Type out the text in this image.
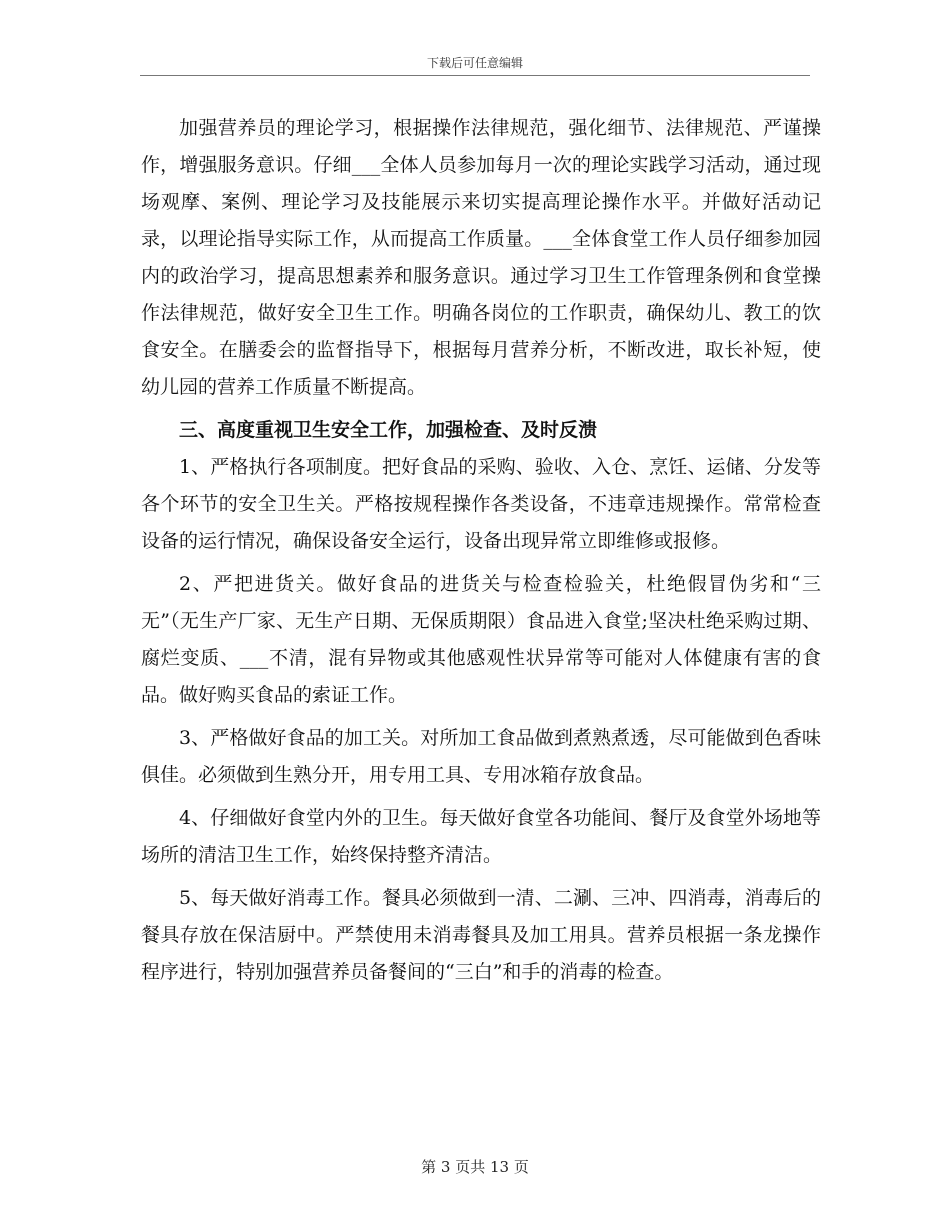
下载后可任意编辑

加强营养员的理论学习，根据操作法律规范，强化细节、法律规范、严谨操作，增强服务意识。仔细___全体人员参加每月一次的理论实践学习活动，通过现场观摩、案例、理论学习及技能展示来切实提高理论操作水平。并做好活动记录，以理论指导实际工作，从而提高工作质量。___全体食堂工作人员仔细参加园内的政治学习，提高思想素养和服务意识。通过学习卫生工作管理条例和食堂操作法律规范，做好安全卫生工作。明确各岗位的工作职责，确保幼儿、教工的饮食安全。在膳委会的监督指导下，根据每月营养分析，不断改进，取长补短，使幼儿园的营养工作质量不断提高。

三、高度重视卫生安全工作，加强检查、及时反溃

1、严格执行各项制度。把好食品的采购、验收、入仓、烹饪、运储、分发等各个环节的安全卫生关。严格按规程操作各类设备，不违章违规操作。常常检查设备的运行情况，确保设备安全运行，设备出现异常立即维修或报修。

2、严把进货关。做好食品的进货关与检查检验关，杜绝假冒伪劣和“三无”（无生产厂家、无生产日期、无保质期限）食品进入食堂;坚决杜绝采购过期、腐烂变质、___不清，混有异物或其他感观性状异常等可能对人体健康有害的食品。做好购买食品的索证工作。

3、严格做好食品的加工关。对所加工食品做到煮熟煮透，尽可能做到色香味俱佳。必须做到生熟分开，用专用工具、专用冰箱存放食品。

4、仔细做好食堂内外的卫生。每天做好食堂各功能间、餐厅及食堂外场地等场所的清洁卫生工作，始终保持整齐清洁。

5、每天做好消毒工作。餐具必须做到一清、二涮、三冲、四消毒，消毒后的餐具存放在保洁厨中。严禁使用未消毒餐具及加工用具。营养员根据一条龙操作程序进行，特别加强营养员备餐间的“三白”和手的消毒的检查。

第 3 页共 13 页
